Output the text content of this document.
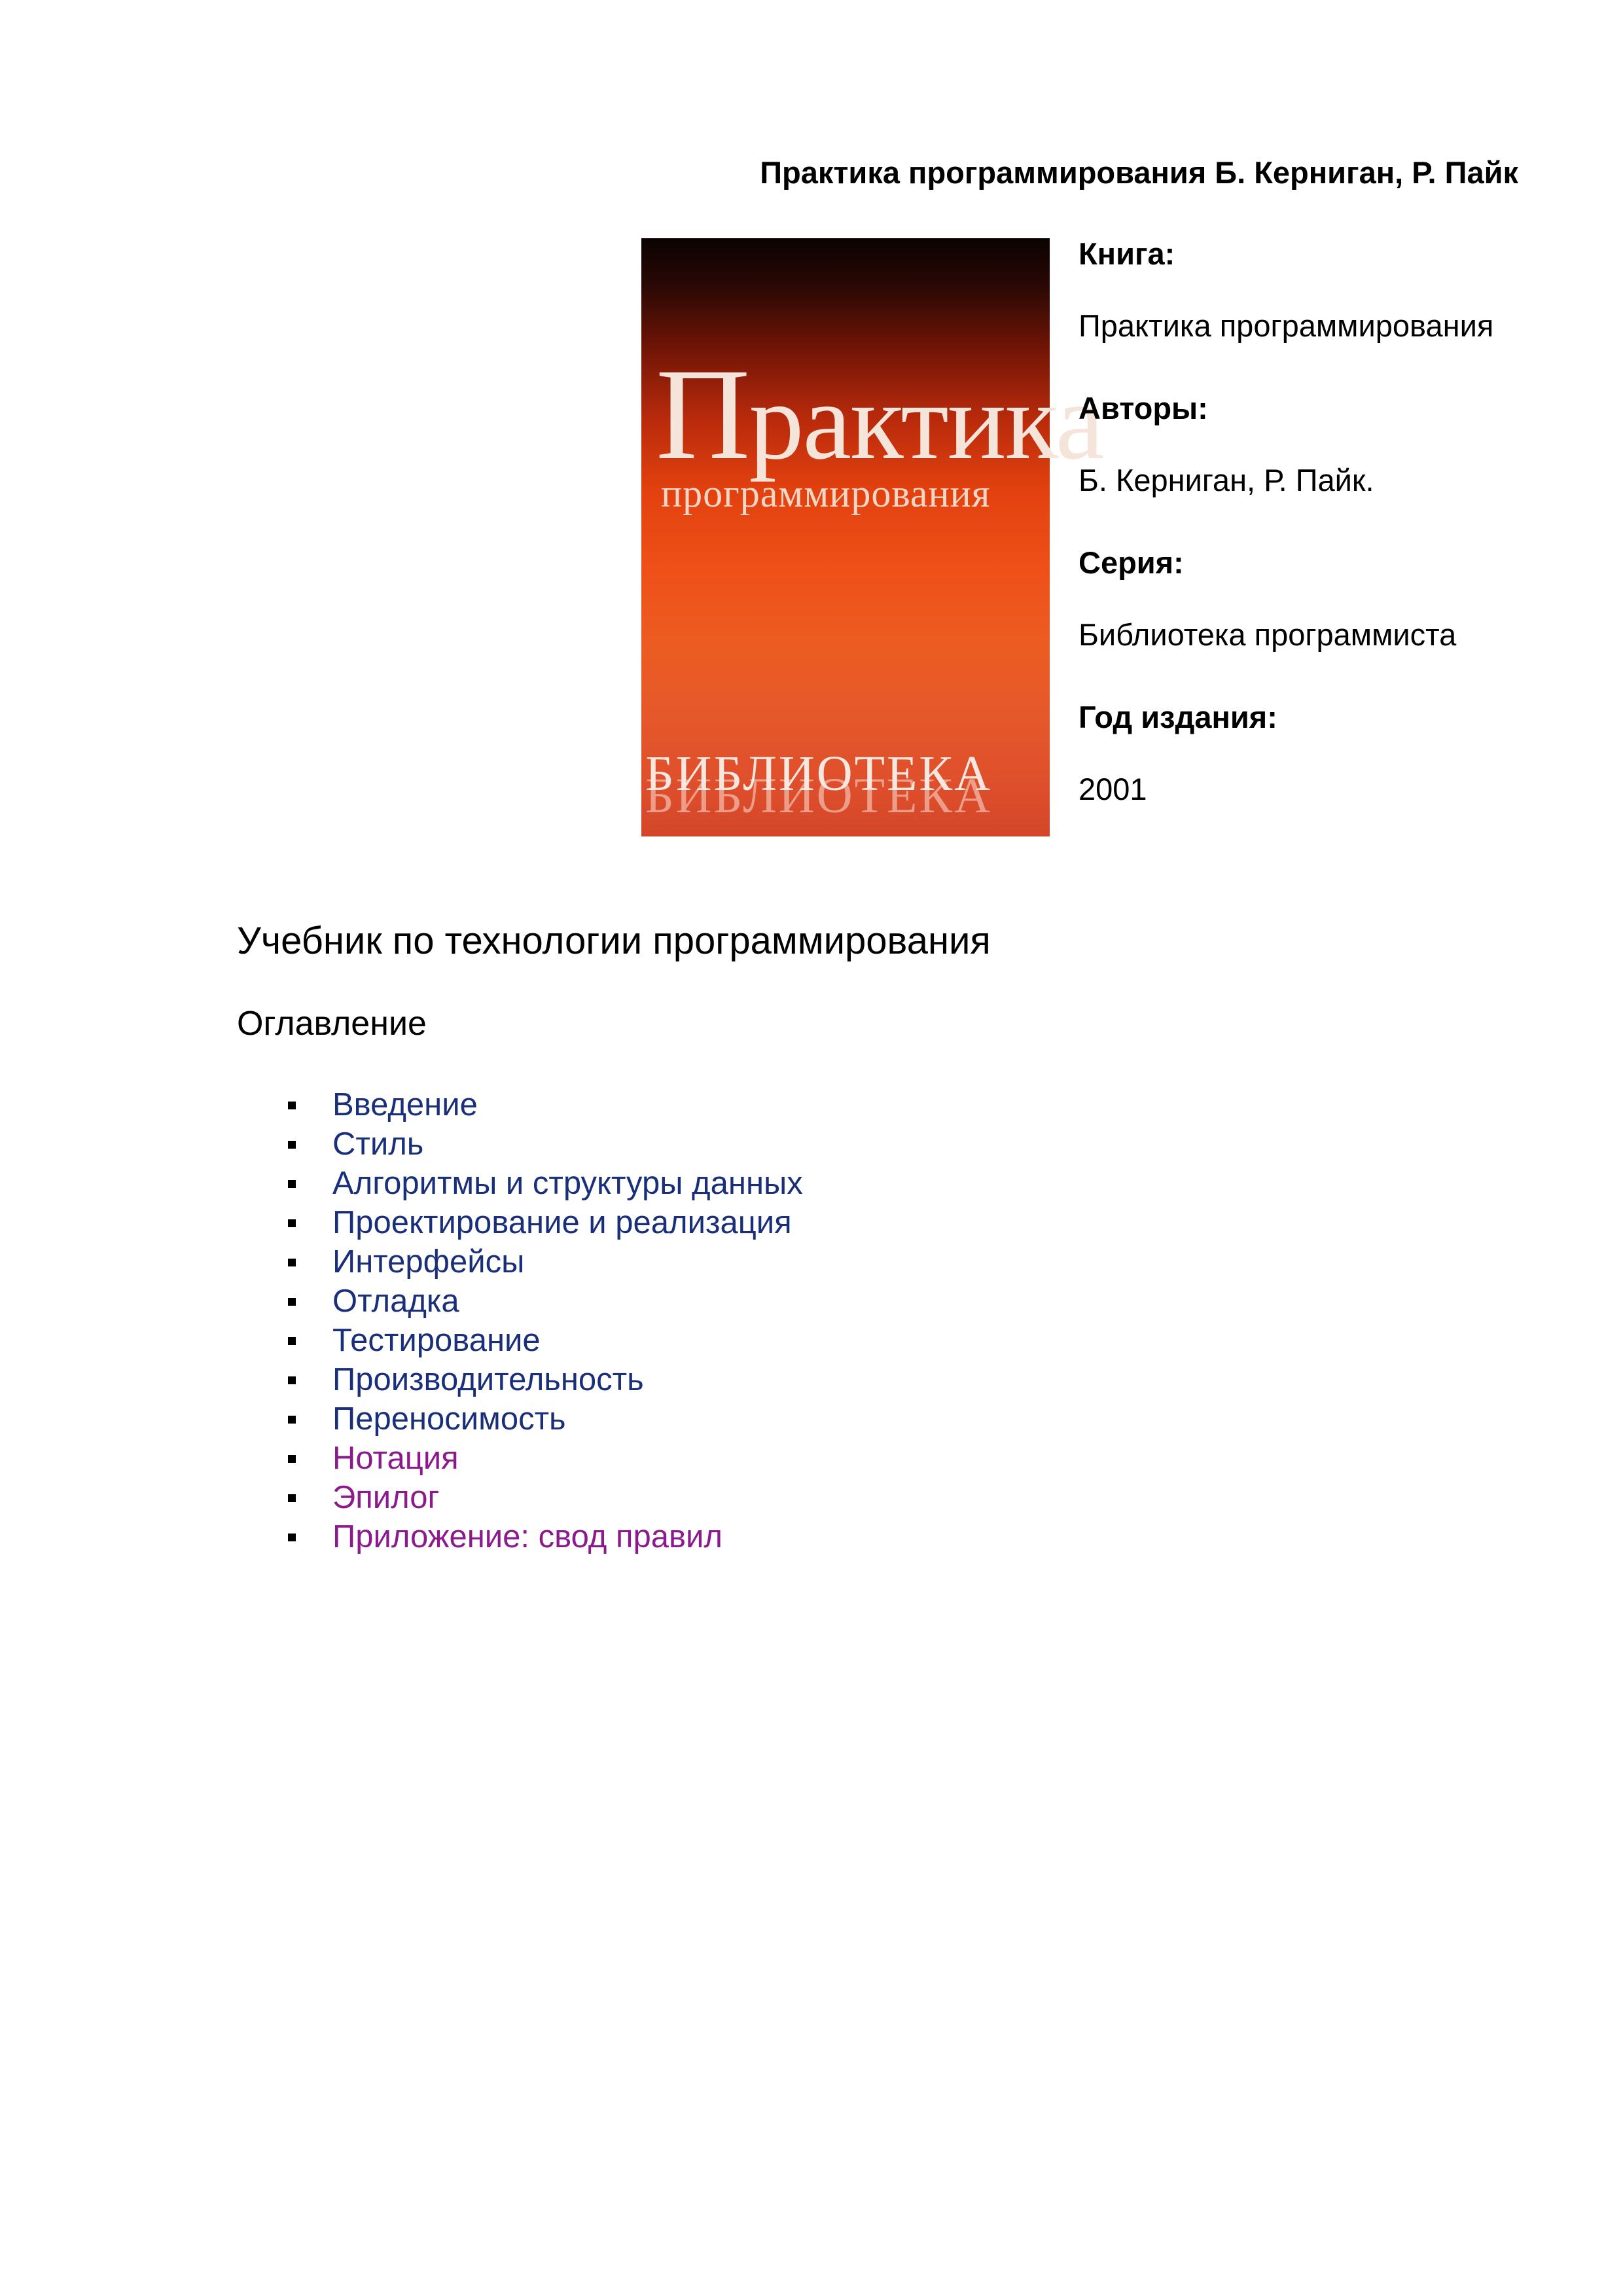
Практика программирования Б. Керниган, Р. Пайк
Практика
программирования
БИБЛИОТЕКА

Книга:

Практика программирования

Авторы:

Б. Керниган, Р. Пайк.

Серия:

Библиотека программиста

Год издания:

2001

Учебник по технологии программирования
Оглавление
Введение
Стиль
Алгоритмы и структуры данных
Проектирование и реализация
Интерфейсы
Отладка
Тестирование
Производительность
Переносимость
Нотация
Эпилог
Приложение: свод правил
